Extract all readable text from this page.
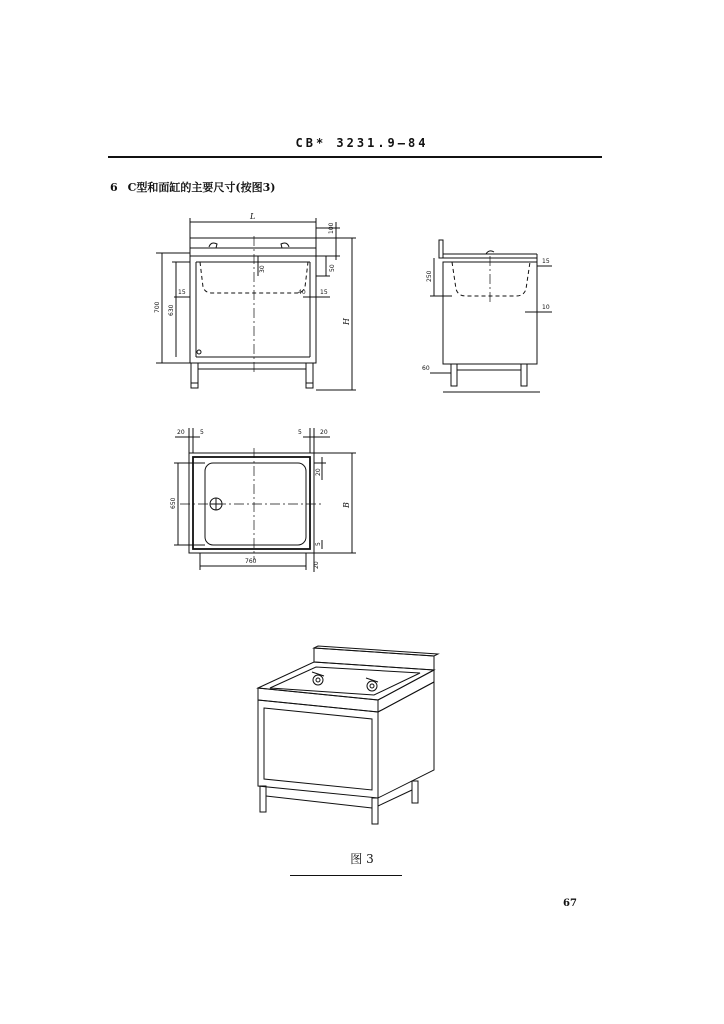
CB* 3231.9—84
6 C型和面缸的主要尺寸(按图3)
L
100
50
30
15	40 15
700 630
H
250
15
10
60
20	5	5	20
20
650	B
5
760	20
图 3
67
